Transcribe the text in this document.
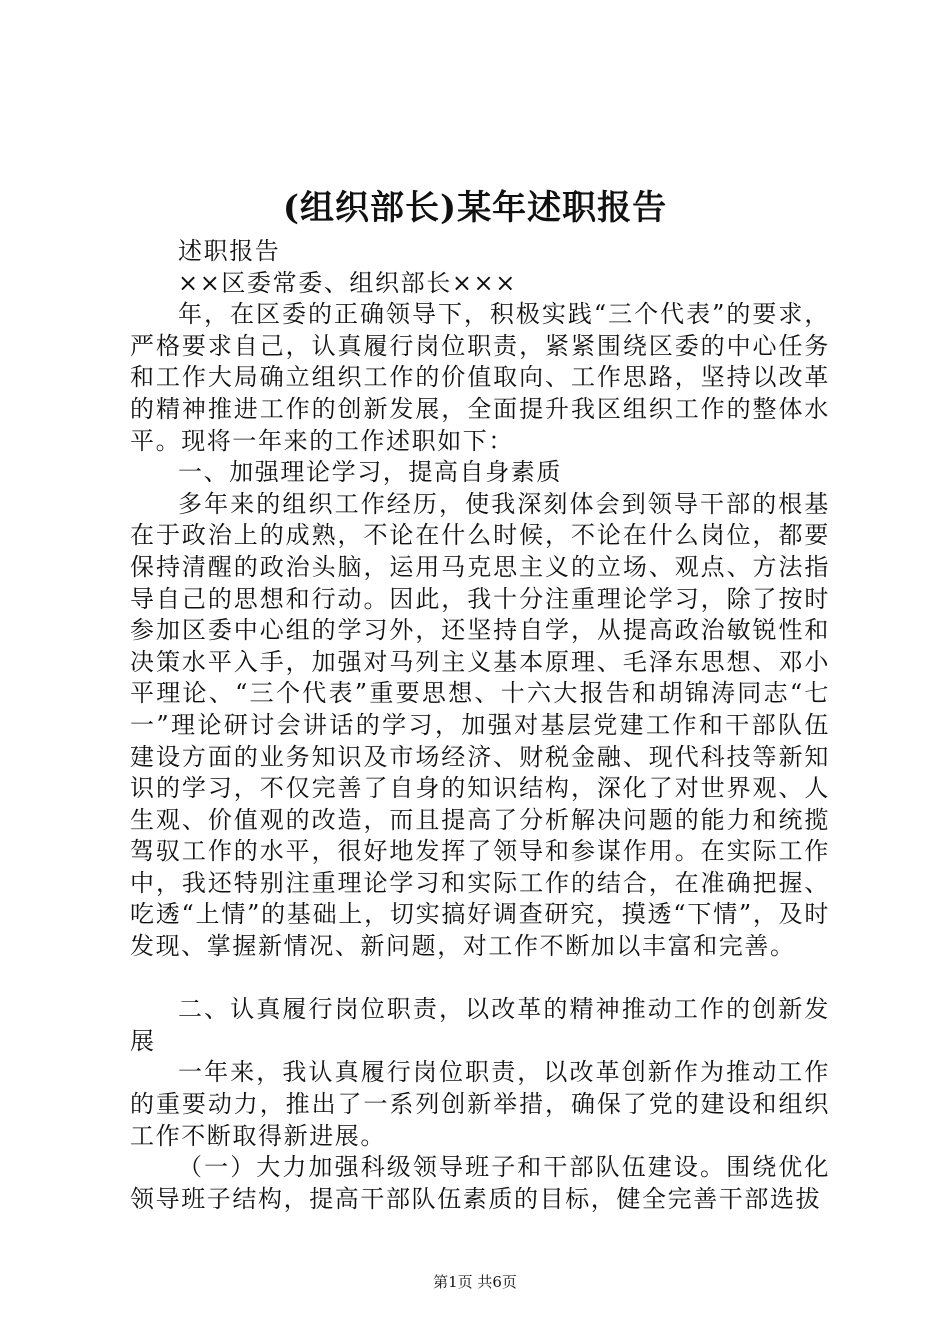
(组织部长)某年述职报告

述职报告

××区委常委、组织部长×××

年，在区委的正确领导下，积极实践“三个代表”的要求，严格要求自己，认真履行岗位职责，紧紧围绕区委的中心任务和工作大局确立组织工作的价值取向、工作思路，坚持以改革的精神推进工作的创新发展，全面提升我区组织工作的整体水平。现将一年来的工作述职如下：

一、加强理论学习，提高自身素质

多年来的组织工作经历，使我深刻体会到领导干部的根基在于政治上的成熟，不论在什么时候，不论在什么岗位，都要保持清醒的政治头脑，运用马克思主义的立场、观点、方法指导自己的思想和行动。因此，我十分注重理论学习，除了按时参加区委中心组的学习外，还坚持自学，从提高政治敏锐性和决策水平入手，加强对马列主义基本原理、毛泽东思想、邓小平理论、“三个代表”重要思想、十六大报告和胡锦涛同志“七一”理论研讨会讲话的学习，加强对基层党建工作和干部队伍建设方面的业务知识及市场经济、财税金融、现代科技等新知识的学习，不仅完善了自身的知识结构，深化了对世界观、人生观、价值观的改造，而且提高了分析解决问题的能力和统揽驾驭工作的水平，很好地发挥了领导和参谋作用。在实际工作中，我还特别注重理论学习和实际工作的结合，在准确把握、吃透“上情”的基础上，切实搞好调查研究，摸透“下情”，及时发现、掌握新情况、新问题，对工作不断加以丰富和完善。

二、认真履行岗位职责，以改革的精神推动工作的创新发展

一年来，我认真履行岗位职责，以改革创新作为推动工作的重要动力，推出了一系列创新举措，确保了党的建设和组织工作不断取得新进展。

（一）大力加强科级领导班子和干部队伍建设。围绕优化领导班子结构，提高干部队伍素质的目标，健全完善干部选拔

第1页 共6页
